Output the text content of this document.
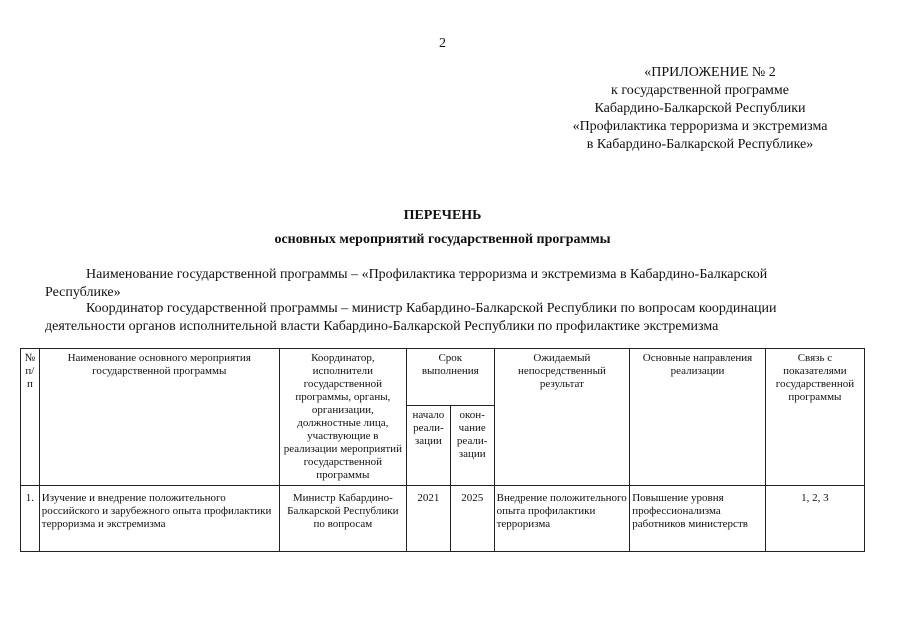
2
«ПРИЛОЖЕНИЕ № 2
к государственной программе
Кабардино-Балкарской Республики
«Профилактика терроризма и экстремизма
в Кабардино-Балкарской Республике»
ПЕРЕЧЕНЬ
основных мероприятий государственной программы
Наименование государственной программы – «Профилактика терроризма и экстремизма в Кабардино-Балкарской
Республике»
Координатор государственной программы – министр Кабардино-Балкарской Республики по вопросам координации
деятельности органов исполнительной власти Кабардино-Балкарской Республики по профилактике экстремизма
№ п/п	Наименование основного мероприятия государственной программы	Координатор, исполнители государственной программы, органы, организации, должностные лица, участвующие в реализации мероприятий государственной программы	Срок выполнения		Ожидаемый непосредственный результат	Основные направления реализации	Связь с показателями государственной программы
			начало реали-зации	окон-чание реали-зации			
1.	Изучение и внедрение положительного российского и зарубежного опыта профилактики терроризма и экстремизма	Министр Кабардино-Балкарской Республики по вопросам	2021	2025	Внедрение положительного опыта профилактики терроризма	Повышение уровня профессионализма работников министерств	1, 2, 3
